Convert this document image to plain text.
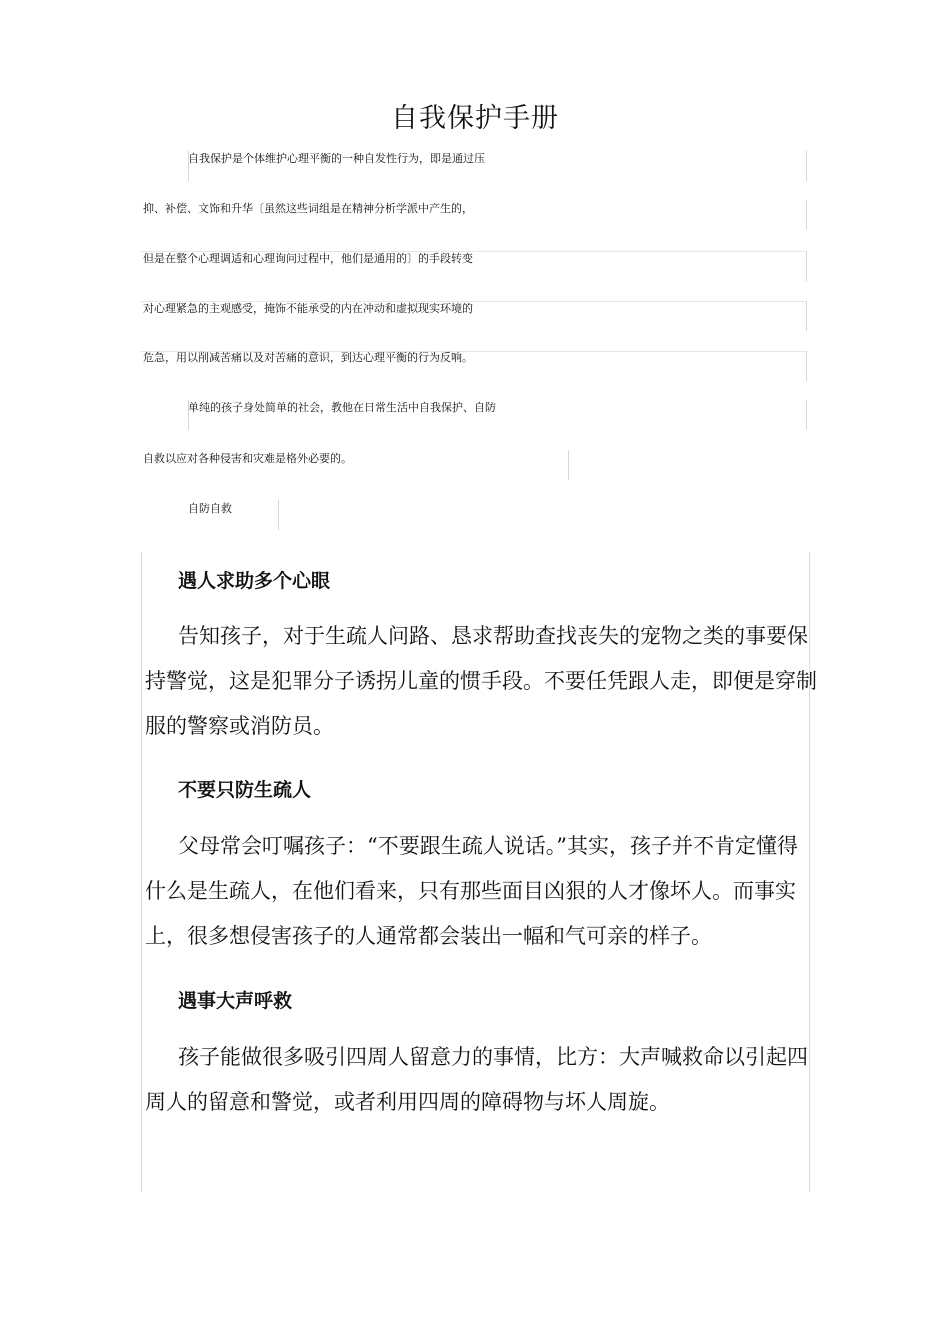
自我保护手册
自我保护是个体维护心理平衡的一种自发性行为，即是通过压
抑、补偿、文饰和升华〔虽然这些词组是在精神分析学派中产生的，
但是在整个心理调适和心理询问过程中，他们是通用的〕的手段转变
对心理紧急的主观感受，掩饰不能承受的内在冲动和虚拟现实环境的
危急，用以削减苦痛以及对苦痛的意识，到达心理平衡的行为反响。
单纯的孩子身处简单的社会，教他在日常生活中自我保护、自防
自救以应对各种侵害和灾难是格外必要的。
自防自救
遇人求助多个心眼
告知孩子，对于生疏人问路、恳求帮助查找丧失的宠物之类的事要保持警觉，这是犯罪分子诱拐儿童的惯手段。不要任凭跟人走，即便是穿制服的警察或消防员。
不要只防生疏人
父母常会叮嘱孩子：“不要跟生疏人说话。”其实，孩子并不肯定懂得什么是生疏人，在他们看来，只有那些面目凶狠的人才像坏人。而事实上，很多想侵害孩子的人通常都会装出一幅和气可亲的样子。
遇事大声呼救
孩子能做很多吸引四周人留意力的事情，比方：大声喊救命以引起四周人的留意和警觉，或者利用四周的障碍物与坏人周旋。
